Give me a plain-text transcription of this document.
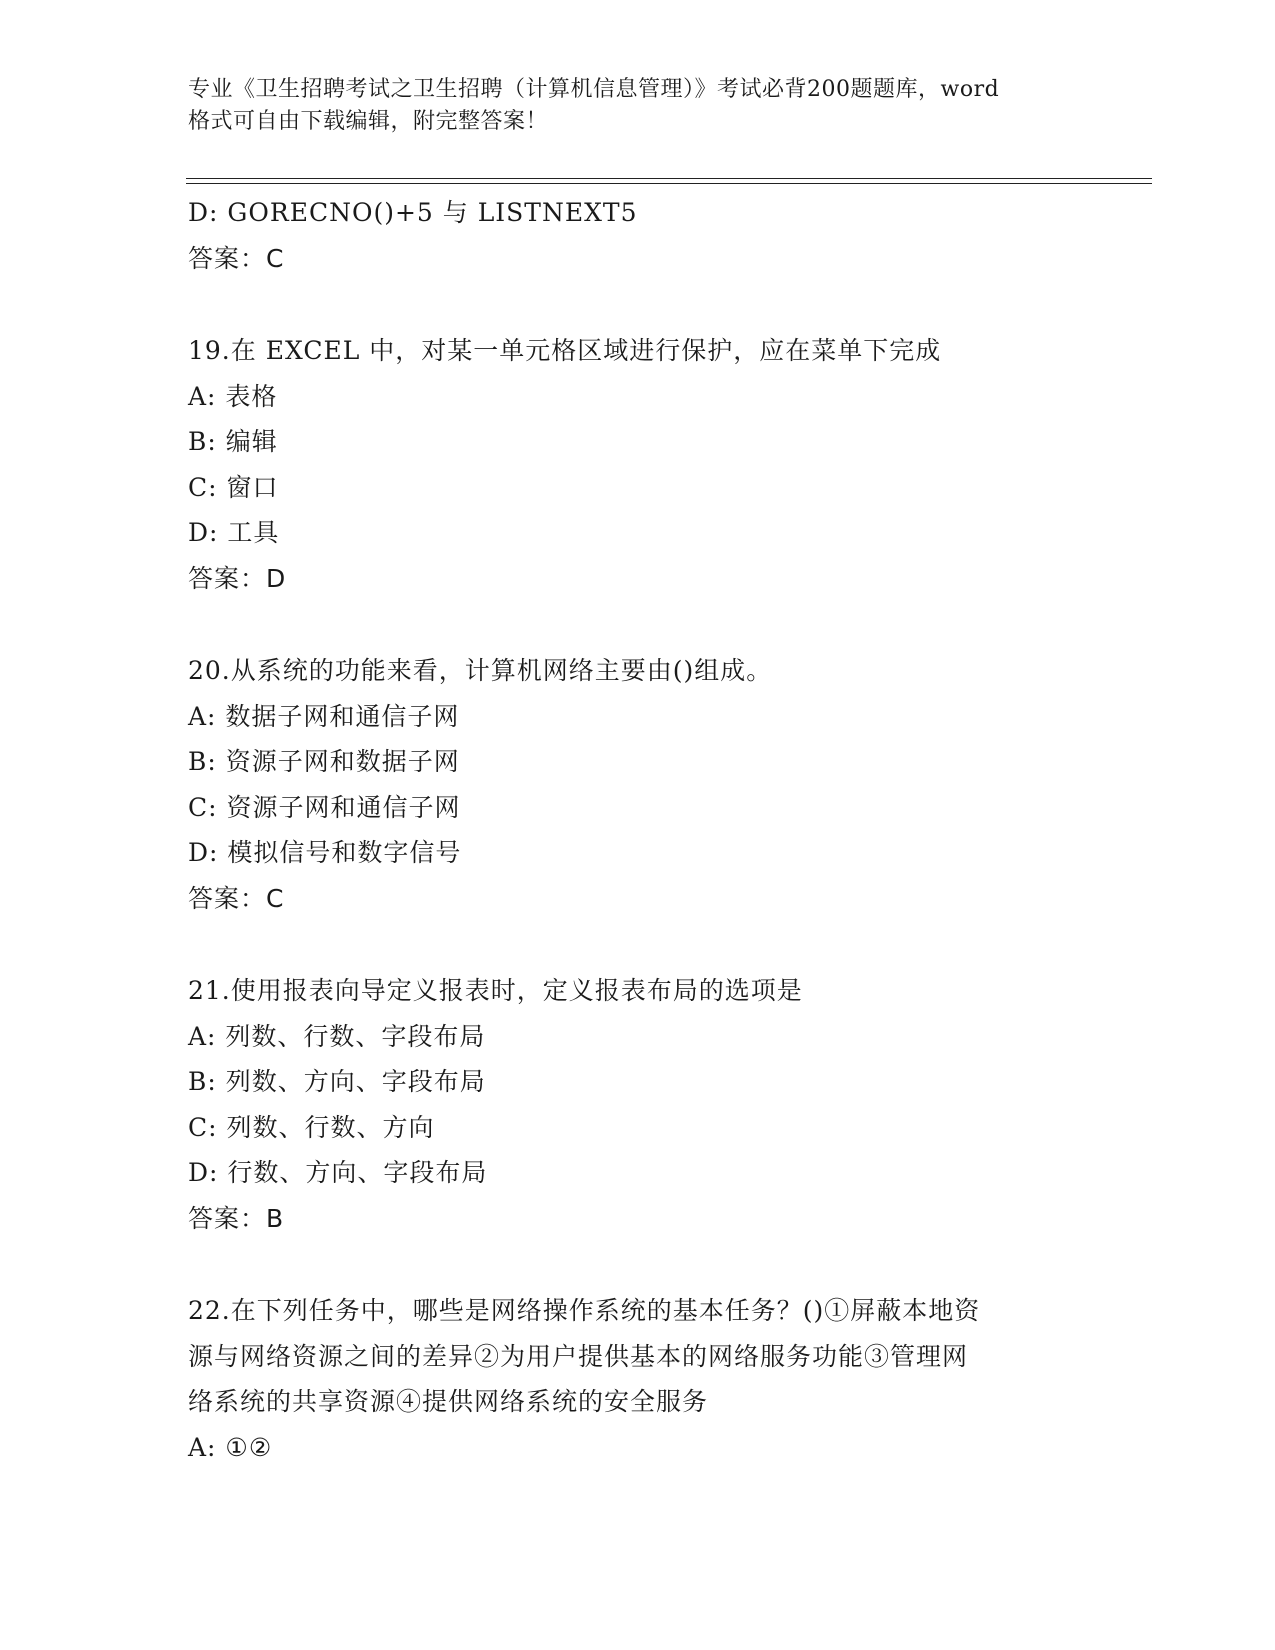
专业《卫生招聘考试之卫生招聘（计算机信息管理）》考试必背200题题库，word
格式可自由下载编辑，附完整答案！
D: GORECNO()+5 与 LISTNEXT5
答案：C
19.在 EXCEL 中，对某一单元格区域进行保护，应在菜单下完成
A: 表格
B: 编辑
C: 窗口
D: 工具
答案：D
20.从系统的功能来看，计算机网络主要由()组成。
A: 数据子网和通信子网
B: 资源子网和数据子网
C: 资源子网和通信子网
D: 模拟信号和数字信号
答案：C
21.使用报表向导定义报表时，定义报表布局的选项是
A: 列数、行数、字段布局
B: 列数、方向、字段布局
C: 列数、行数、方向
D: 行数、方向、字段布局
答案：B
22.在下列任务中，哪些是网络操作系统的基本任务？()①屏蔽本地资
源与网络资源之间的差异②为用户提供基本的网络服务功能③管理网
络系统的共享资源④提供网络系统的安全服务
A: ①②
